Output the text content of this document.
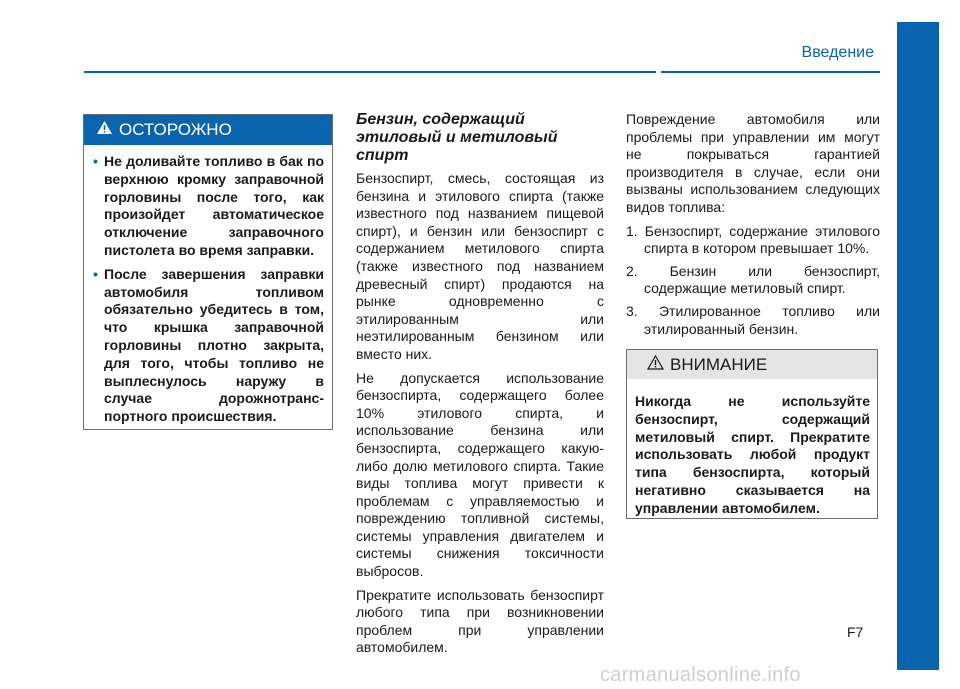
Введение
ОСТОРОЖНО
• Не доливайте топливо в бак по верхнюю кромку заправочной горловины после того, как произойдет автоматическое отключение заправочного пистолета во время заправки.
• После завершения заправки автомобиля топливом обязательно убедитесь в том, что крышка заправочной горловины плотно закрыта, для того, чтобы топливо не выплеснулось наружу в случае дорожнотранс-портного происшествия.

Бензин, содержащий этиловый и метиловый спирт

Бензоспирт, смесь, состоящая из бензина и этилового спирта (также известного под названием пищевой спирт), и бензин или бензоспирт с содержанием метилового спирта (также известного под названием древесный спирт) продаются на рынке одновременно с этилированным или неэтилированным бензином или вместо них.

Не допускается использование бензоспирта, содержащего более 10% этилового спирта, и использование бензина или бензоспирта, содержащего какую-либо долю метилового спирта. Такие виды топлива могут привести к проблемам с управляемостью и повреждению топливной системы, системы управления двигателем и системы снижения токсичности выбросов.

Прекратите использовать бензоспирт любого типа при возникновении проблем при управлении автомобилем.

Повреждение автомобиля или проблемы при управлении им могут не покрываться гарантией производителя в случае, если они вызваны использованием следующих видов топлива:

1. Бензоспирт, содержание этилового спирта в котором превышает 10%.
2. Бензин или бензоспирт, содержащие метиловый спирт.
3. Этилированное топливо или этилированный бензин.
ВНИМАНИЕ

Никогда не используйте бензоспирт, содержащий метиловый спирт. Прекратите использовать любой продукт типа бензоспирта, который негативно сказывается на управлении автомобилем.

F7
carmanualsonline.info
